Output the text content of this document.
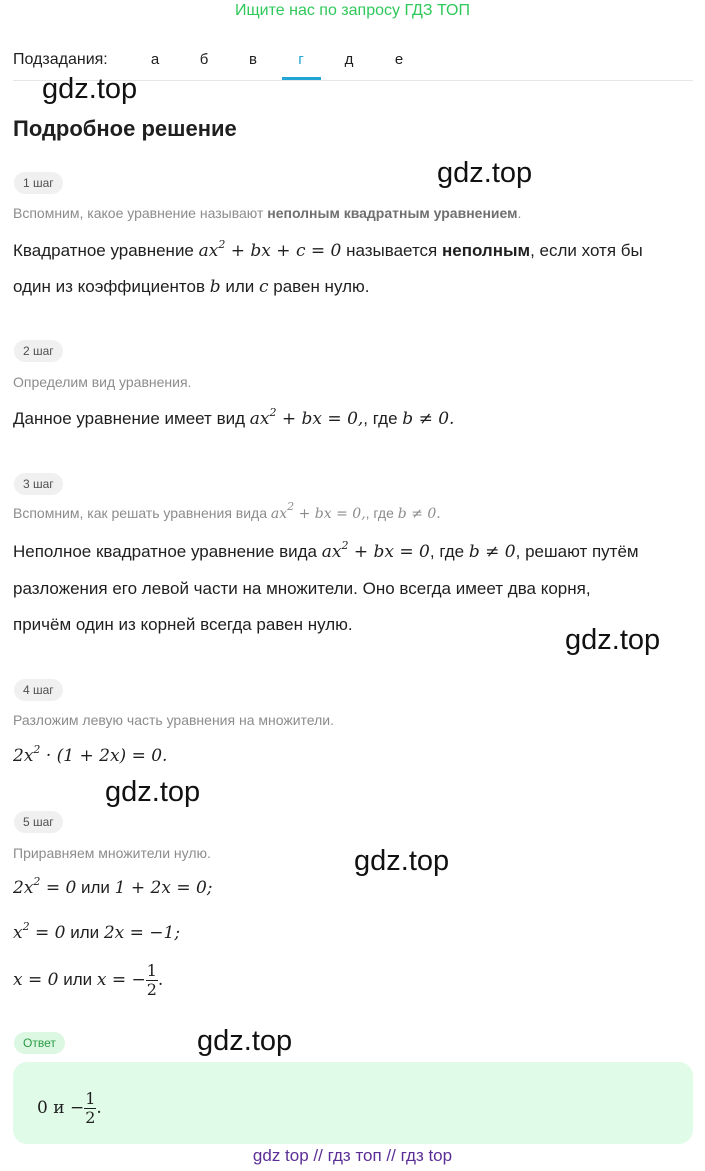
Ищите нас по запросу ГДЗ ТОП
Подзадания:	а	б	в	г	д	е
gdz.top
Подробное решение
gdz.top
1 шаг
Вспомним, какое уравнение называют неполным квадратным уравнением.
Квадратное уравнение $ax^2$ + bx + c = 0 называется неполным, если хотя бы
один из коэффициентов b или c равен нулю.
2 шаг
Определим вид уравнения.
Данное уравнение имеет вид $ax^2$ + bx = 0,, где b ≠ 0.
3 шаг
Вспомним, как решать уравнения вида $ax^2$ + bx = 0,, где b ≠ 0.
Неполное квадратное уравнение вида $ax^2$ + bx = 0, где b ≠ 0, решают путём
разложения его левой части на множители. Оно всегда имеет два корня,
причём один из корней всегда равен нулю.	gdz.top
4 шаг
Разложим левую часть уравнения на множители.
$2x^2 \cdot (1 + 2x) = 0$.
gdz.top
5 шаг
Приравняем множители нулю.	gdz.top
$2x^2 = 0$ или 1 + 2x = 0;
$x^2 = 0$ или 2x = −1;
x = 0 или x = − $\frac{1}{2}$ .
Ответ	gdz.top
0 $и - \frac{1}{2}$ .
gdz top // гдз топ // гдз top
